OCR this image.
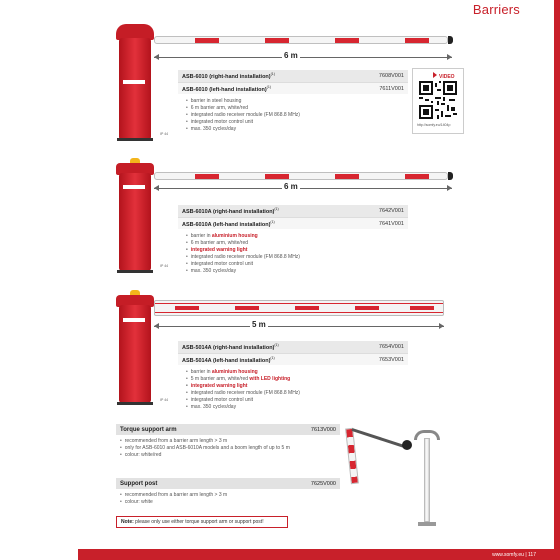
Barriers
6 m
IP 44
ASB-6010 (right-hand installation)$^{(1)}$	7608V001
ASB-6010 (left-hand installation)$^{(1)}$	7611V001
• barrier in steel housing
• 6 m barrier arm, white/red
• integrated radio receiver module (FM 868.8 MHz)
• integrated motor control unit
• max. 350 cycles/day
VIDEO
http://somfy.eu/1404p
6 m
IP 44
ASB-6010A (right-hand installation)$^{(1)}$	7642V001
ASB-6010A (left-hand installation)$^{(1)}$	7641V001
• barrier in aluminium housing
• 6 m barrier arm, white/red
• integrated warning light
• integrated radio receiver module (FM 868.8 MHz)
• integrated motor control unit
• max. 350 cycles/day
5 m
IP 44
ASB-5014A (right-hand installation)$^{(1)}$	7654V001
ASB-5014A (left-hand installation)$^{(1)}$	7653V001
• barrier in aluminium housing
• 5 m barrier arm, white/red with LED lighting
• integrated warning light
• integrated radio receiver module (FM 868.8 MHz)
• integrated motor control unit
• max. 350 cycles/day
Torque support arm	7613V000
• recommended from a barrier arm length > 3 m
• only for ASB-6010 and ASB-6010A models and a boom length of up to 5 m
• colour: white/red
Support post	7625V000
• recommended from a barrier arm length > 3 m
• colour: white
Note: please only use either torque support arm or support post!
www.somfy.eu | 117
